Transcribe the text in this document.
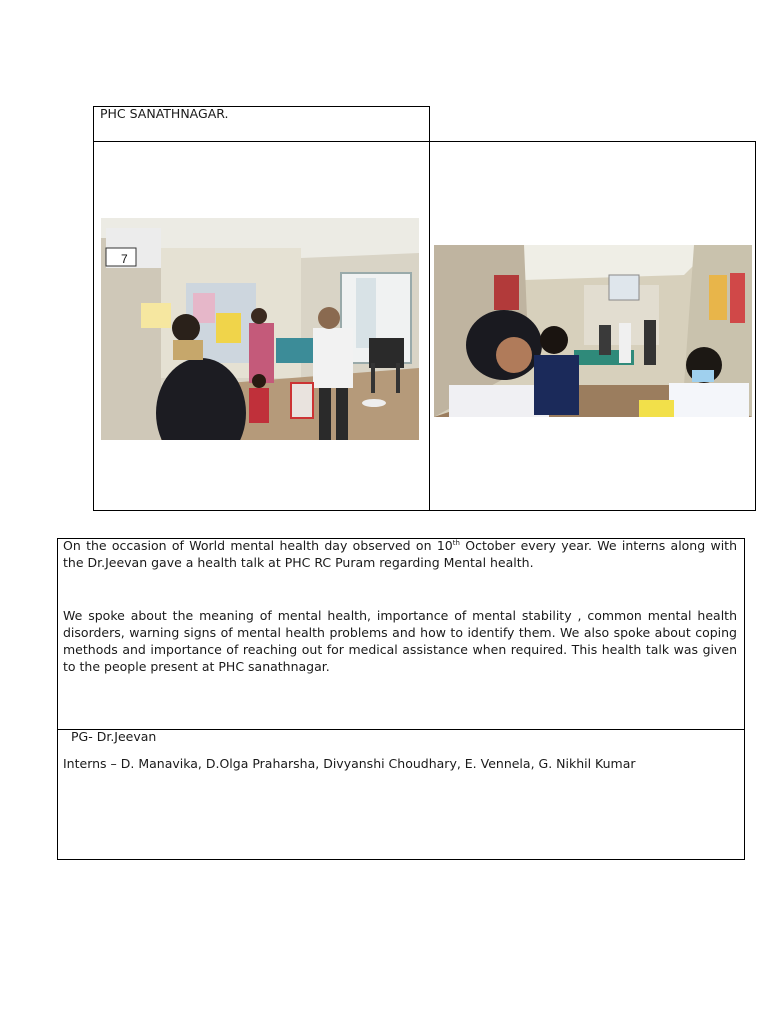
PHC SANATHNAGAR.
7

On the occasion of World mental health day observed on 10th October every year. We interns along with the Dr.Jeevan gave a health talk at PHC RC Puram regarding Mental health.

We spoke about the meaning of mental health, importance of mental stability , common mental health disorders, warning signs of mental health problems and how to identify them. We also spoke about coping methods and importance of reaching out for medical assistance when required. This health talk was given to the people present at PHC sanathnagar.

PG- Dr.Jeevan
Interns – D. Manavika, D.Olga Praharsha, Divyanshi Choudhary, E. Vennela, G. Nikhil Kumar
